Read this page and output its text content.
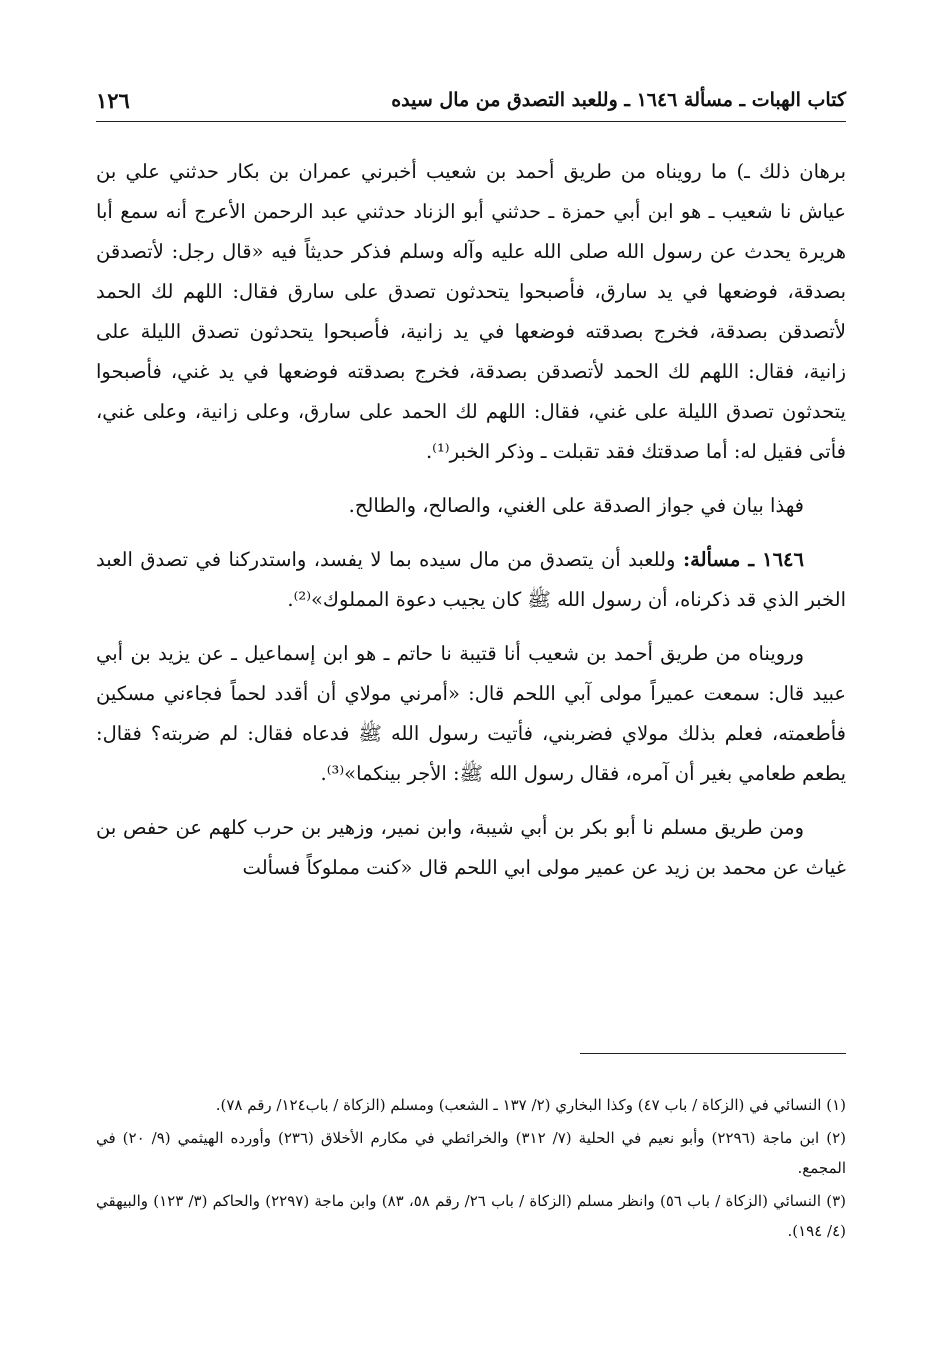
كتاب الهبات ـ مسألة ١٦٤٦ ـ وللعبد التصدق من مال سيده
١٢٦

برهان ذلك ـ) ما رويناه من طريق أحمد بن شعيب أخبرني عمران بن بكار حدثني علي بن عياش نا شعيب ـ هو ابن أبي حمزة ـ حدثني أبو الزناد حدثني عبد الرحمن الأعرج أنه سمع أبا هريرة يحدث عن رسول الله صلى الله عليه وآله وسلم فذكر حديثاً فيه «قال رجل: لأتصدقن بصدقة، فوضعها في يد سارق، فأصبحوا يتحدثون تصدق على سارق فقال: اللهم لك الحمد لأتصدقن بصدقة، فخرج بصدقته فوضعها في يد زانية، فأصبحوا يتحدثون تصدق الليلة على زانية، فقال: اللهم لك الحمد لأتصدقن بصدقة، فخرج بصدقته فوضعها في يد غني، فأصبحوا يتحدثون تصدق الليلة على غني، فقال: اللهم لك الحمد على سارق، وعلى زانية، وعلى غني، فأتى فقيل له: أما صدقتك فقد تقبلت ـ وذكر الخبر⁽¹⁾.

فهذا بيان في جواز الصدقة على الغني، والصالح، والطالح.

١٦٤٦ ـ مسألة: وللعبد أن يتصدق من مال سيده بما لا يفسد، واستدركنا في تصدق العبد الخبر الذي قد ذكرناه، أن رسول الله ﷺ كان يجيب دعوة المملوك»⁽²⁾.

ورويناه من طريق أحمد بن شعيب أنا قتيبة نا حاتم ـ هو ابن إسماعيل ـ عن يزيد بن أبي عبيد قال: سمعت عميراً مولى آبي اللحم قال: «أمرني مولاي أن أقدد لحماً فجاءني مسكين فأطعمته، فعلم بذلك مولاي فضربني، فأتيت رسول الله ﷺ فدعاه فقال: لم ضربته؟ فقال: يطعم طعامي بغير أن آمره، فقال رسول الله ﷺ: الأجر بينكما»⁽³⁾.

ومن طريق مسلم نا أبو بكر بن أبي شيبة، وابن نمير، وزهير بن حرب كلهم عن حفص بن غياث عن محمد بن زيد عن عمير مولى ابي اللحم قال «كنت مملوكاً فسألت

(١) النسائي في (الزكاة / باب ٤٧) وكذا البخاري (٢/ ١٣٧ ـ الشعب) ومسلم (الزكاة / باب١٢٤/ رقم ٧٨).

(٢) ابن ماجة (٢٢٩٦) وأبو نعيم في الحلية (٧/ ٣١٢) والخرائطي في مكارم الأخلاق (٢٣٦) وأورده الهيثمي (٩/ ٢٠) في المجمع.

(٣) النسائي (الزكاة / باب ٥٦) وانظر مسلم (الزكاة / باب ٢٦/ رقم ٥٨، ٨٣) وابن ماجة (٢٢٩٧) والحاكم (٣/ ١٢٣) والبيهقي (٤/ ١٩٤).
